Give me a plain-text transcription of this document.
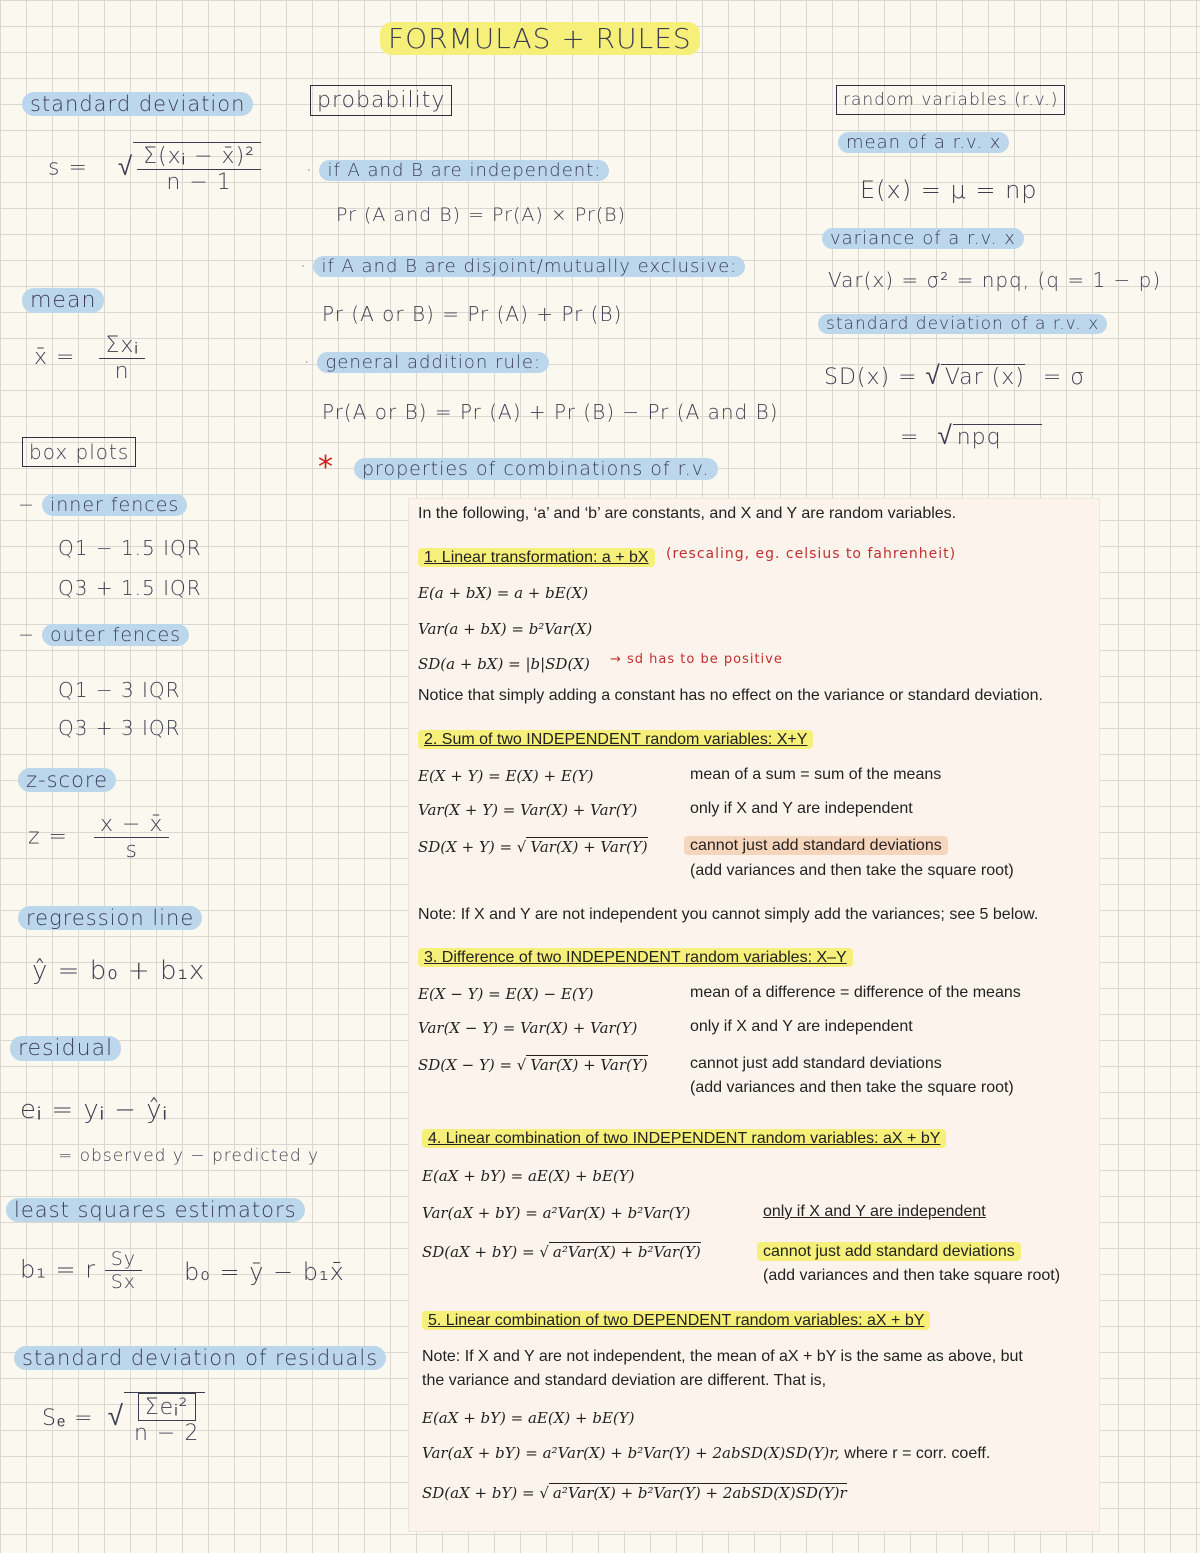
FORMULAS + RULES
standard deviation
s = √ $\frac{\text{Σ(xᵢ − x̄)²}}{n - 1}$
mean
x̄ = $\frac{\text{Σxᵢ}}{n}$
box plots
− inner fences
Q1 − 1.5 IQR
Q3 + 1.5 IQR
− outer fences
Q1 − 3 IQR
Q3 + 3 IQR
z-score
$z = \frac{x - x̄}{s}$
regression line
ŷ = b₀ + b₁x
residual
eᵢ = yᵢ − ŷᵢ
= observed y − predicted y
least squares estimators
b₁ = r $\frac{Sy}{Sx} b_0$ = ȳ − b₁x̄
standard deviation of residuals
Sₑ = √ $\frac{\text{Σeᵢ²}}{n - 2}$
probability
· if A and B are independent:
Pr (A and B) = Pr(A) × Pr(B)
· if A and B are disjoint/mutually exclusive:
Pr (A or B) = Pr (A) + Pr (B)
· general addition rule:
Pr(A or B) = Pr (A) + Pr (B) − Pr (A and B)
*	properties of combinations of r.v.
random variables (r.v.)
mean of a r.v. x
E(x) = μ = np
variance of a r.v. x
Var(x) = σ² = npq, (q = 1 − p)
standard deviation of a r.v. x
SD(x) = √ Var (x) = σ
= √ npq
In the following, ‘a’ and ‘b’ are constants, and X and Y are random variables.
1. Linear transformation: a + bX	(rescaling, eg. celsius to fahrenheit)
E(a + bX) = a + bE(X)
Var(a + bX) = b²Var(X)
SD(a + bX) = |b|SD(X) → sd has to be positive
Notice that simply adding a constant has no effect on the variance or standard deviation.
2. Sum of two INDEPENDENT random variables: X+Y
E(X + Y) = E(X) + E(Y)	mean of a sum = sum of the means
Var(X + Y) = Var(X) + Var(Y)	only if X and Y are independent
SD(X + Y) = √ Var(X) + Var(Y)	cannot just add standard deviations
(add variances and then take the square root)
Note: If X and Y are not independent you cannot simply add the variances; see 5 below.
3. Difference of two INDEPENDENT random variables: X–Y
E(X − Y) = E(X) − E(Y)	mean of a difference = difference of the means
Var(X − Y) = Var(X) + Var(Y)	only if X and Y are independent
SD(X − Y) = √ Var(X) + Var(Y)	cannot just add standard deviations
(add variances and then take the square root)
4. Linear combination of two INDEPENDENT random variables: aX + bY
E(aX + bY) = aE(X) + bE(Y)
Var(aX + bY) = a²Var(X) + b²Var(Y)	only if X and Y are independent
SD(aX + bY) = √ a²Var(X) + b²Var(Y)	cannot just add standard deviations
(add variances and then take square root)
5. Linear combination of two DEPENDENT random variables: aX + bY
Note: If X and Y are not independent, the mean of aX + bY is the same as above, but
the variance and standard deviation are different. That is,
E(aX + bY) = aE(X) + bE(Y)
Var(aX + bY) = a²Var(X) + b²Var(Y) + 2abSD(X)SD(Y)r, where r = corr. coeff.
SD(aX + bY) = √ a²Var(X) + b²Var(Y) + 2abSD(X)SD(Y)r
